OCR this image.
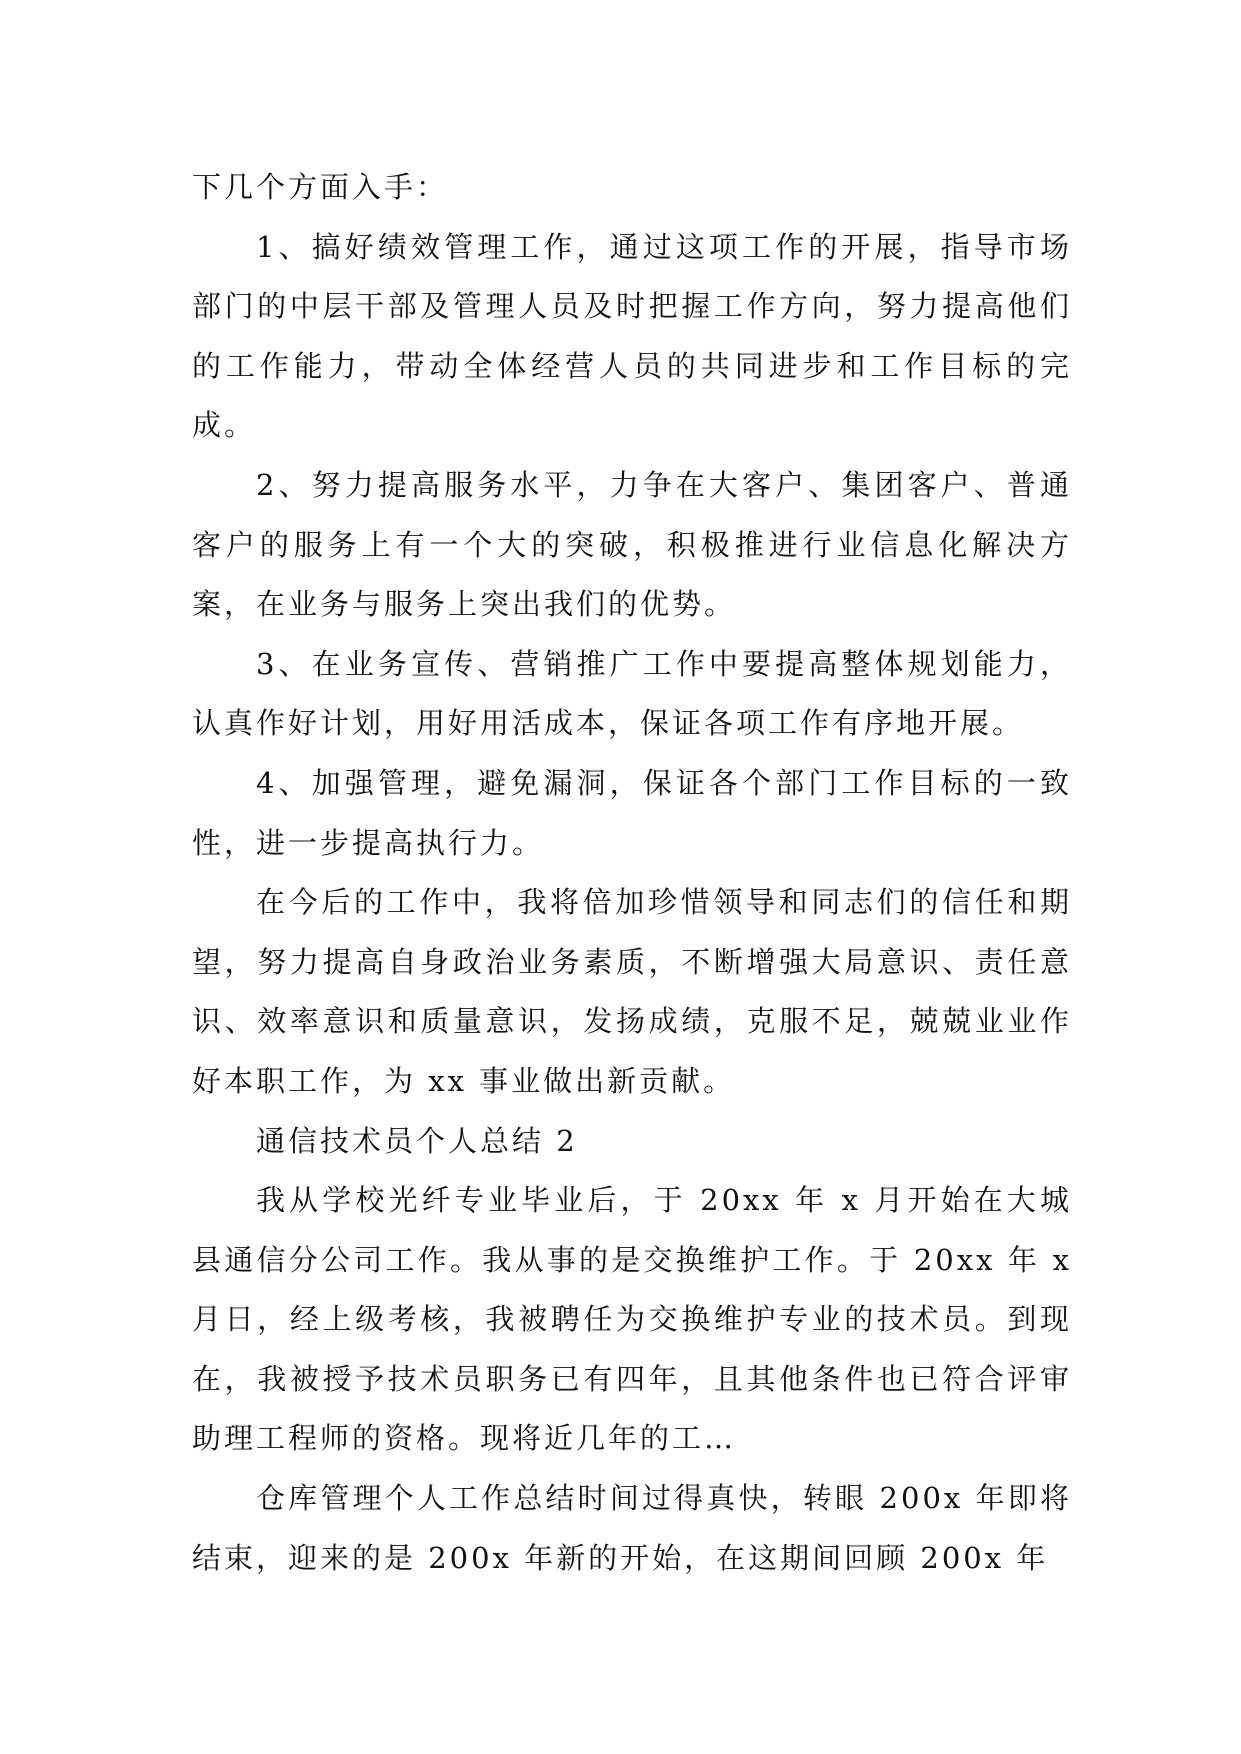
下几个方面入手：

1、搞好绩效管理工作，通过这项工作的开展，指导市场部门的中层干部及管理人员及时把握工作方向，努力提高他们的工作能力，带动全体经营人员的共同进步和工作目标的完成。

2、努力提高服务水平，力争在大客户、集团客户、普通客户的服务上有一个大的突破，积极推进行业信息化解决方案，在业务与服务上突出我们的优势。

3、在业务宣传、营销推广工作中要提高整体规划能力，认真作好计划，用好用活成本，保证各项工作有序地开展。

4、加强管理，避免漏洞，保证各个部门工作目标的一致性，进一步提高执行力。

在今后的工作中，我将倍加珍惜领导和同志们的信任和期望，努力提高自身政治业务素质，不断增强大局意识、责任意识、效率意识和质量意识，发扬成绩，克服不足，兢兢业业作好本职工作，为 xx 事业做出新贡献。

通信技术员个人总结 2

我从学校光纤专业毕业后，于 20xx 年 x 月开始在大城县通信分公司工作。我从事的是交换维护工作。于 20xx 年 x 月日，经上级考核，我被聘任为交换维护专业的技术员。到现在，我被授予技术员职务已有四年，且其他条件也已符合评审助理工程师的资格。现将近几年的工…

仓库管理个人工作总结时间过得真快，转眼 200x 年即将结束，迎来的是 200x 年新的开始，在这期间回顾 200x 年
